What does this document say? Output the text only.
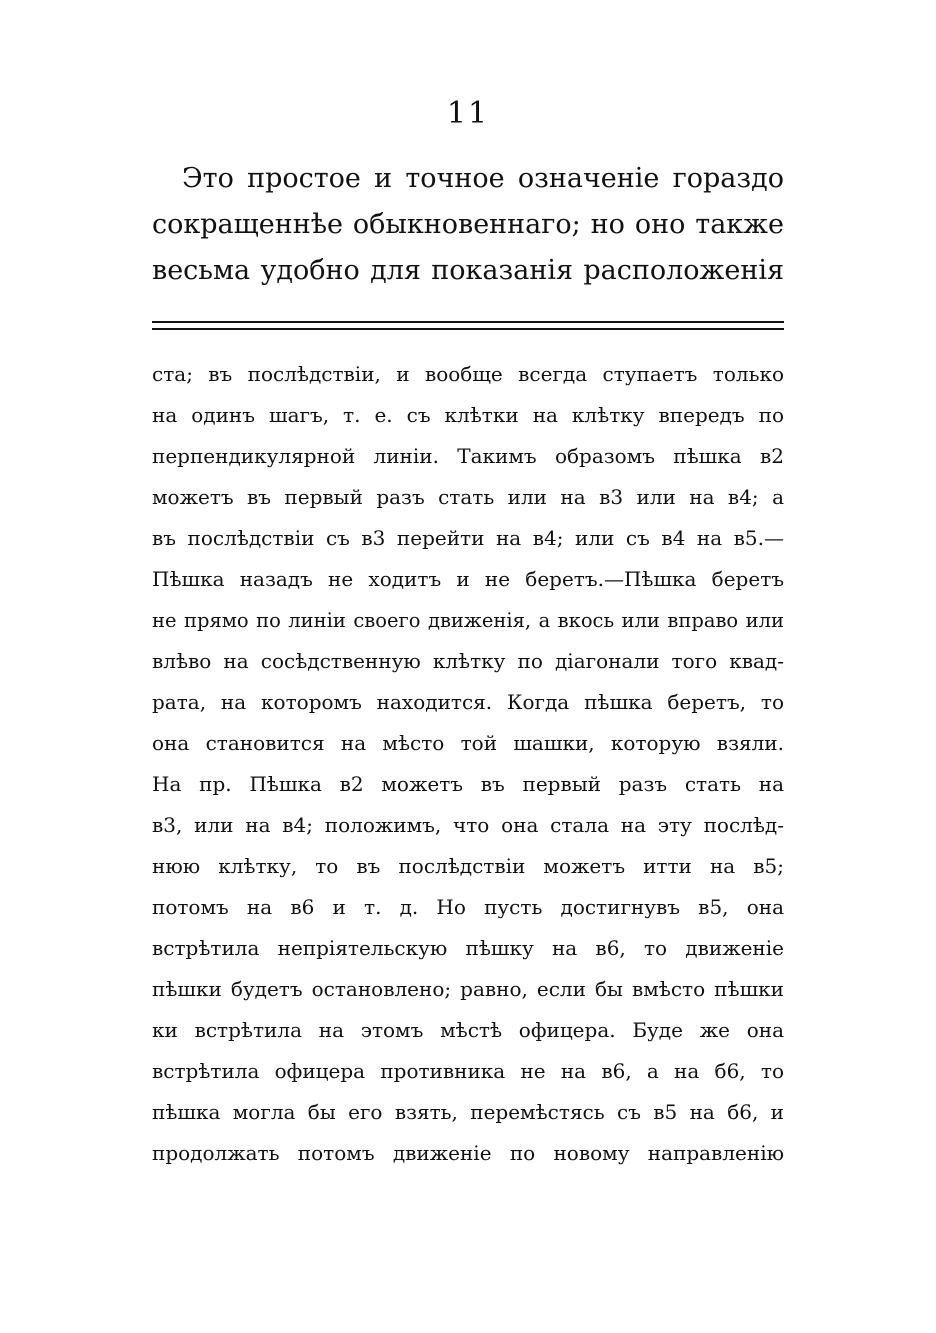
11
Это простое и точное означеніе гораздо
сокращеннѣе обыкновеннаго; но оно также
весьма удобно для показанія расположенія
ста; въ послѣдствіи, и вообще всегда ступаетъ только
на одинъ шагъ, т. е. съ клѣтки на клѣтку впередъ по
перпендикулярной линіи. Такимъ образомъ пѣшка в2
можетъ въ первый разъ стать или на в3 или на в4; а
въ послѣдствіи съ в3 перейти на в4; или съ в4 на в5.—
Пѣшка назадъ не ходитъ и не беретъ.—Пѣшка беретъ
не прямо по линіи своего движенія, а вкось или вправо или
влѣво на сосѣдственную клѣтку по діагонали того квад-
рата, на которомъ находится. Когда пѣшка беретъ, то
она становится на мѣсто той шашки, которую взяли.
На пр. Пѣшка в2 можетъ въ первый разъ стать на
в3, или на в4; положимъ, что она стала на эту послѣд-
нюю клѣтку, то въ послѣдствіи можетъ итти на в5;
потомъ на в6 и т. д. Но пусть достигнувъ в5, она
встрѣтила непріятельскую пѣшку на в6, то движеніе
пѣшки будетъ остановлено; равно, если бы вмѣсто пѣшки
ки встрѣтила на этомъ мѣстѣ офицера. Буде же она
встрѣтила офицера противника не на в6, а на б6, то
пѣшка могла бы его взять, перемѣстясь съ в5 на б6, и
продолжать потомъ движеніе по новому направленію
